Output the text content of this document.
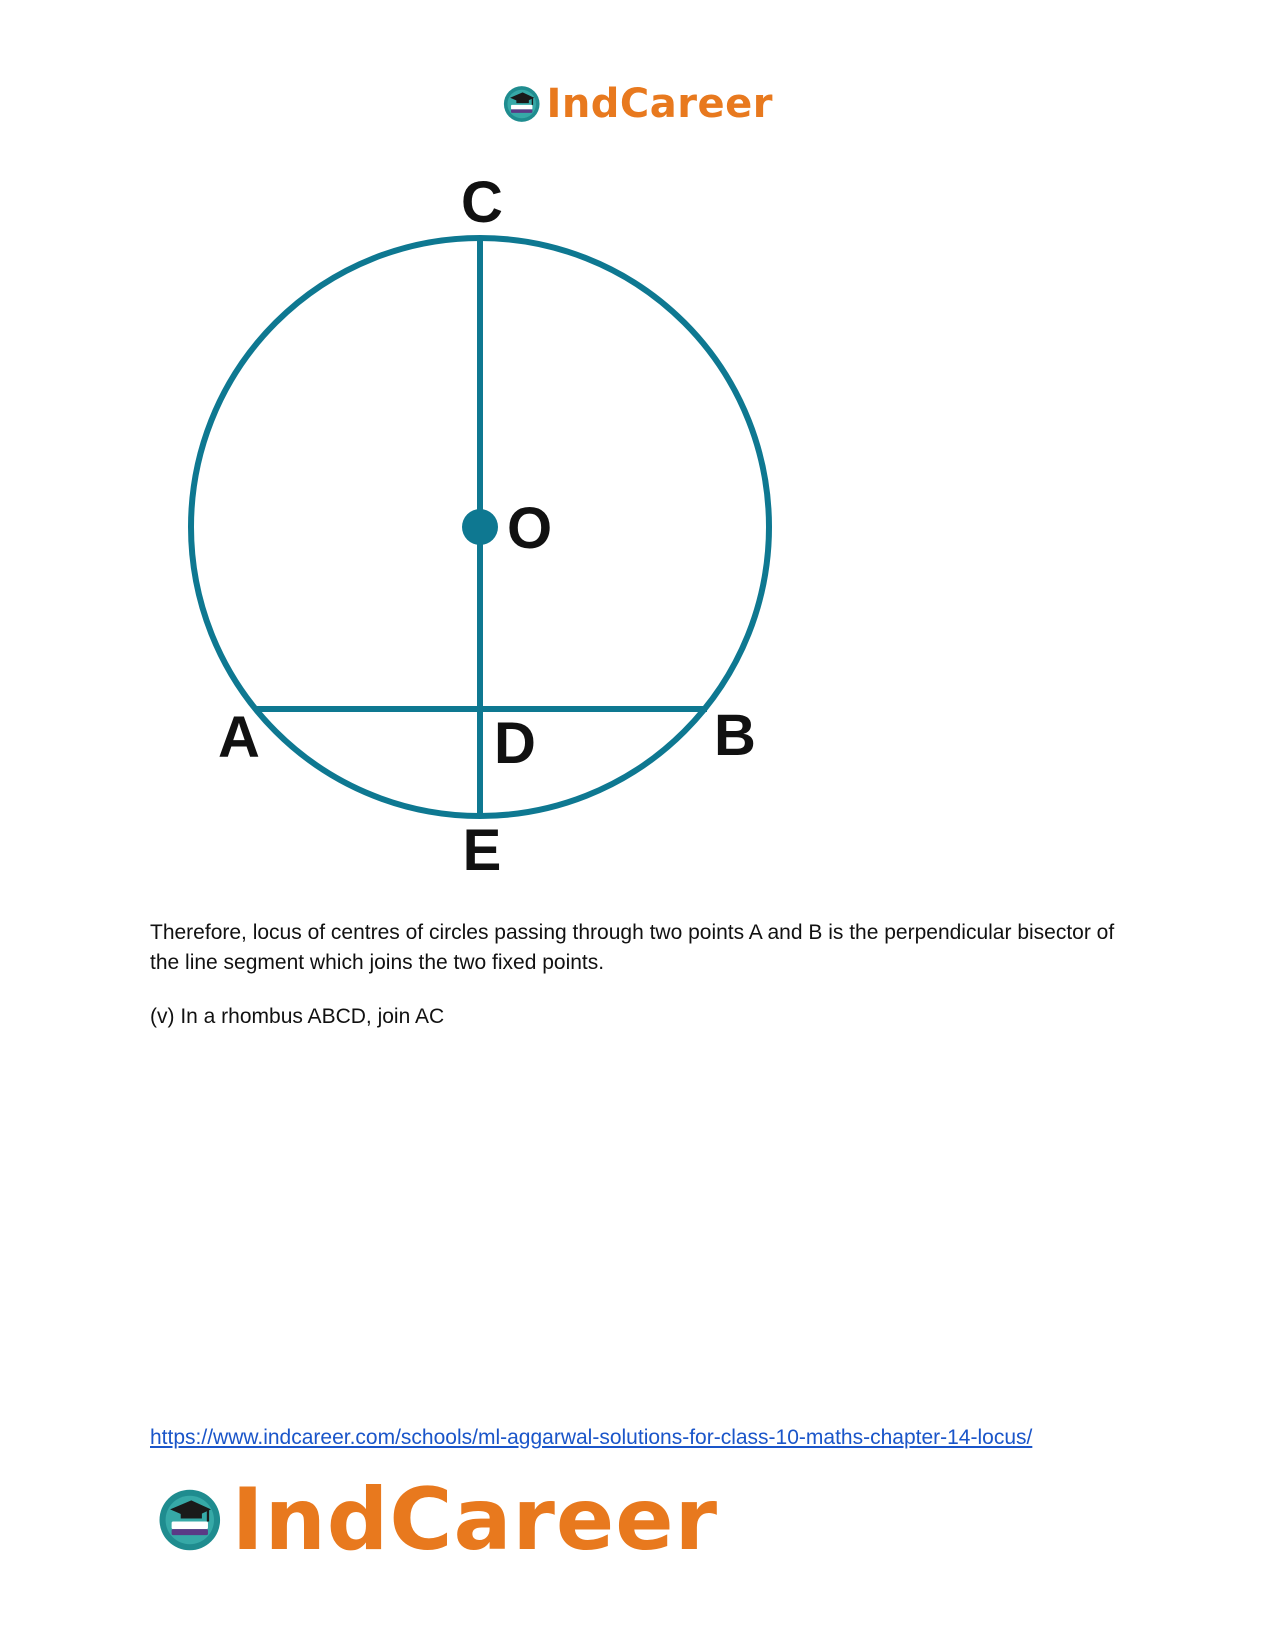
IndCareer
C
O
A	D	B
E

Therefore, locus of centres of circles passing through two points A and B is the perpendicular bisector of the line segment which joins the two fixed points.

(v) In a rhombus ABCD, join AC

https://www.indcareer.com/schools/ml-aggarwal-solutions-for-class-10-maths-chapter-14-locus/
IndCareer
